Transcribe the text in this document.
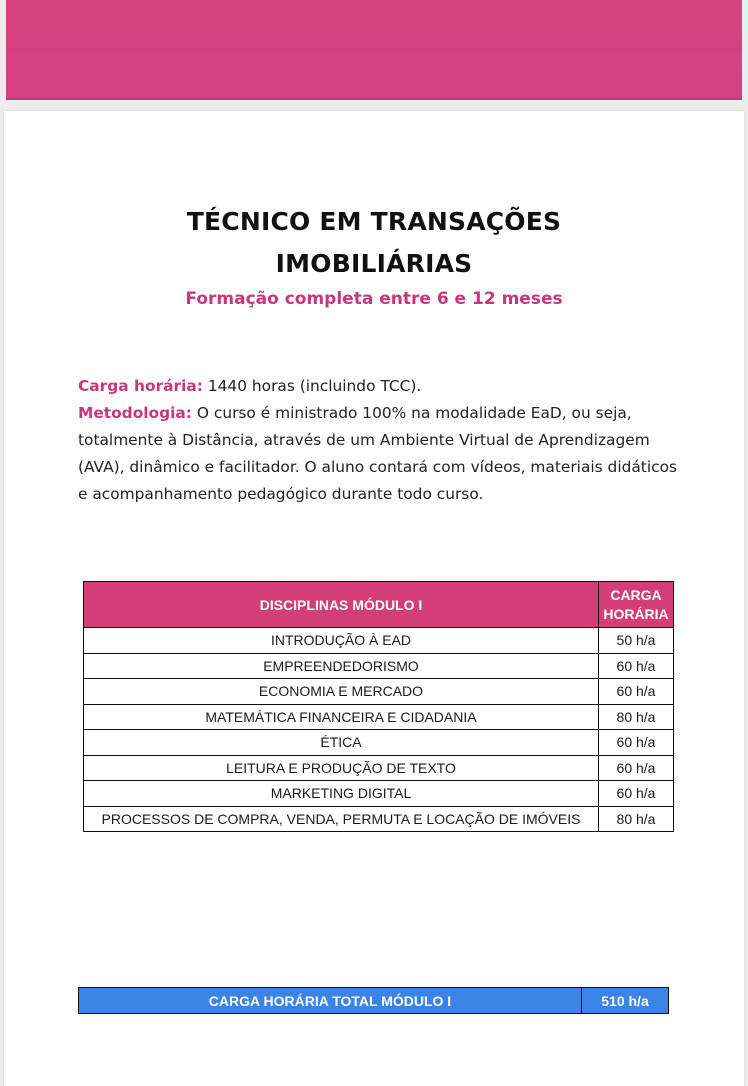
TÉCNICO EM TRANSAÇÕES
IMOBILIÁRIAS
Formação completa entre 6 e 12 meses
Carga horária: 1440 horas (incluindo TCC).
Metodologia: O curso é ministrado 100% na modalidade EaD, ou seja, totalmente à Distância, através de um Ambiente Virtual de Aprendizagem (AVA), dinâmico e facilitador. O aluno contará com vídeos, materiais didáticos e acompanhamento pedagógico durante todo curso.
DISCIPLINAS MÓDULO I	CARGA
HORÁRIA
INTRODUÇÃO À EAD	50 h/a
EMPREENDEDORISMO	60 h/a
ECONOMIA E MERCADO	60 h/a
MATEMÁTICA FINANCEIRA E CIDADANIA	80 h/a
ÉTICA	60 h/a
LEITURA E PRODUÇÃO DE TEXTO	60 h/a
MARKETING DIGITAL	60 h/a
PROCESSOS DE COMPRA, VENDA, PERMUTA E LOCAÇÃO DE IMÓVEIS	80 h/a
CARGA HORÁRIA TOTAL MÓDULO I	510 h/a
